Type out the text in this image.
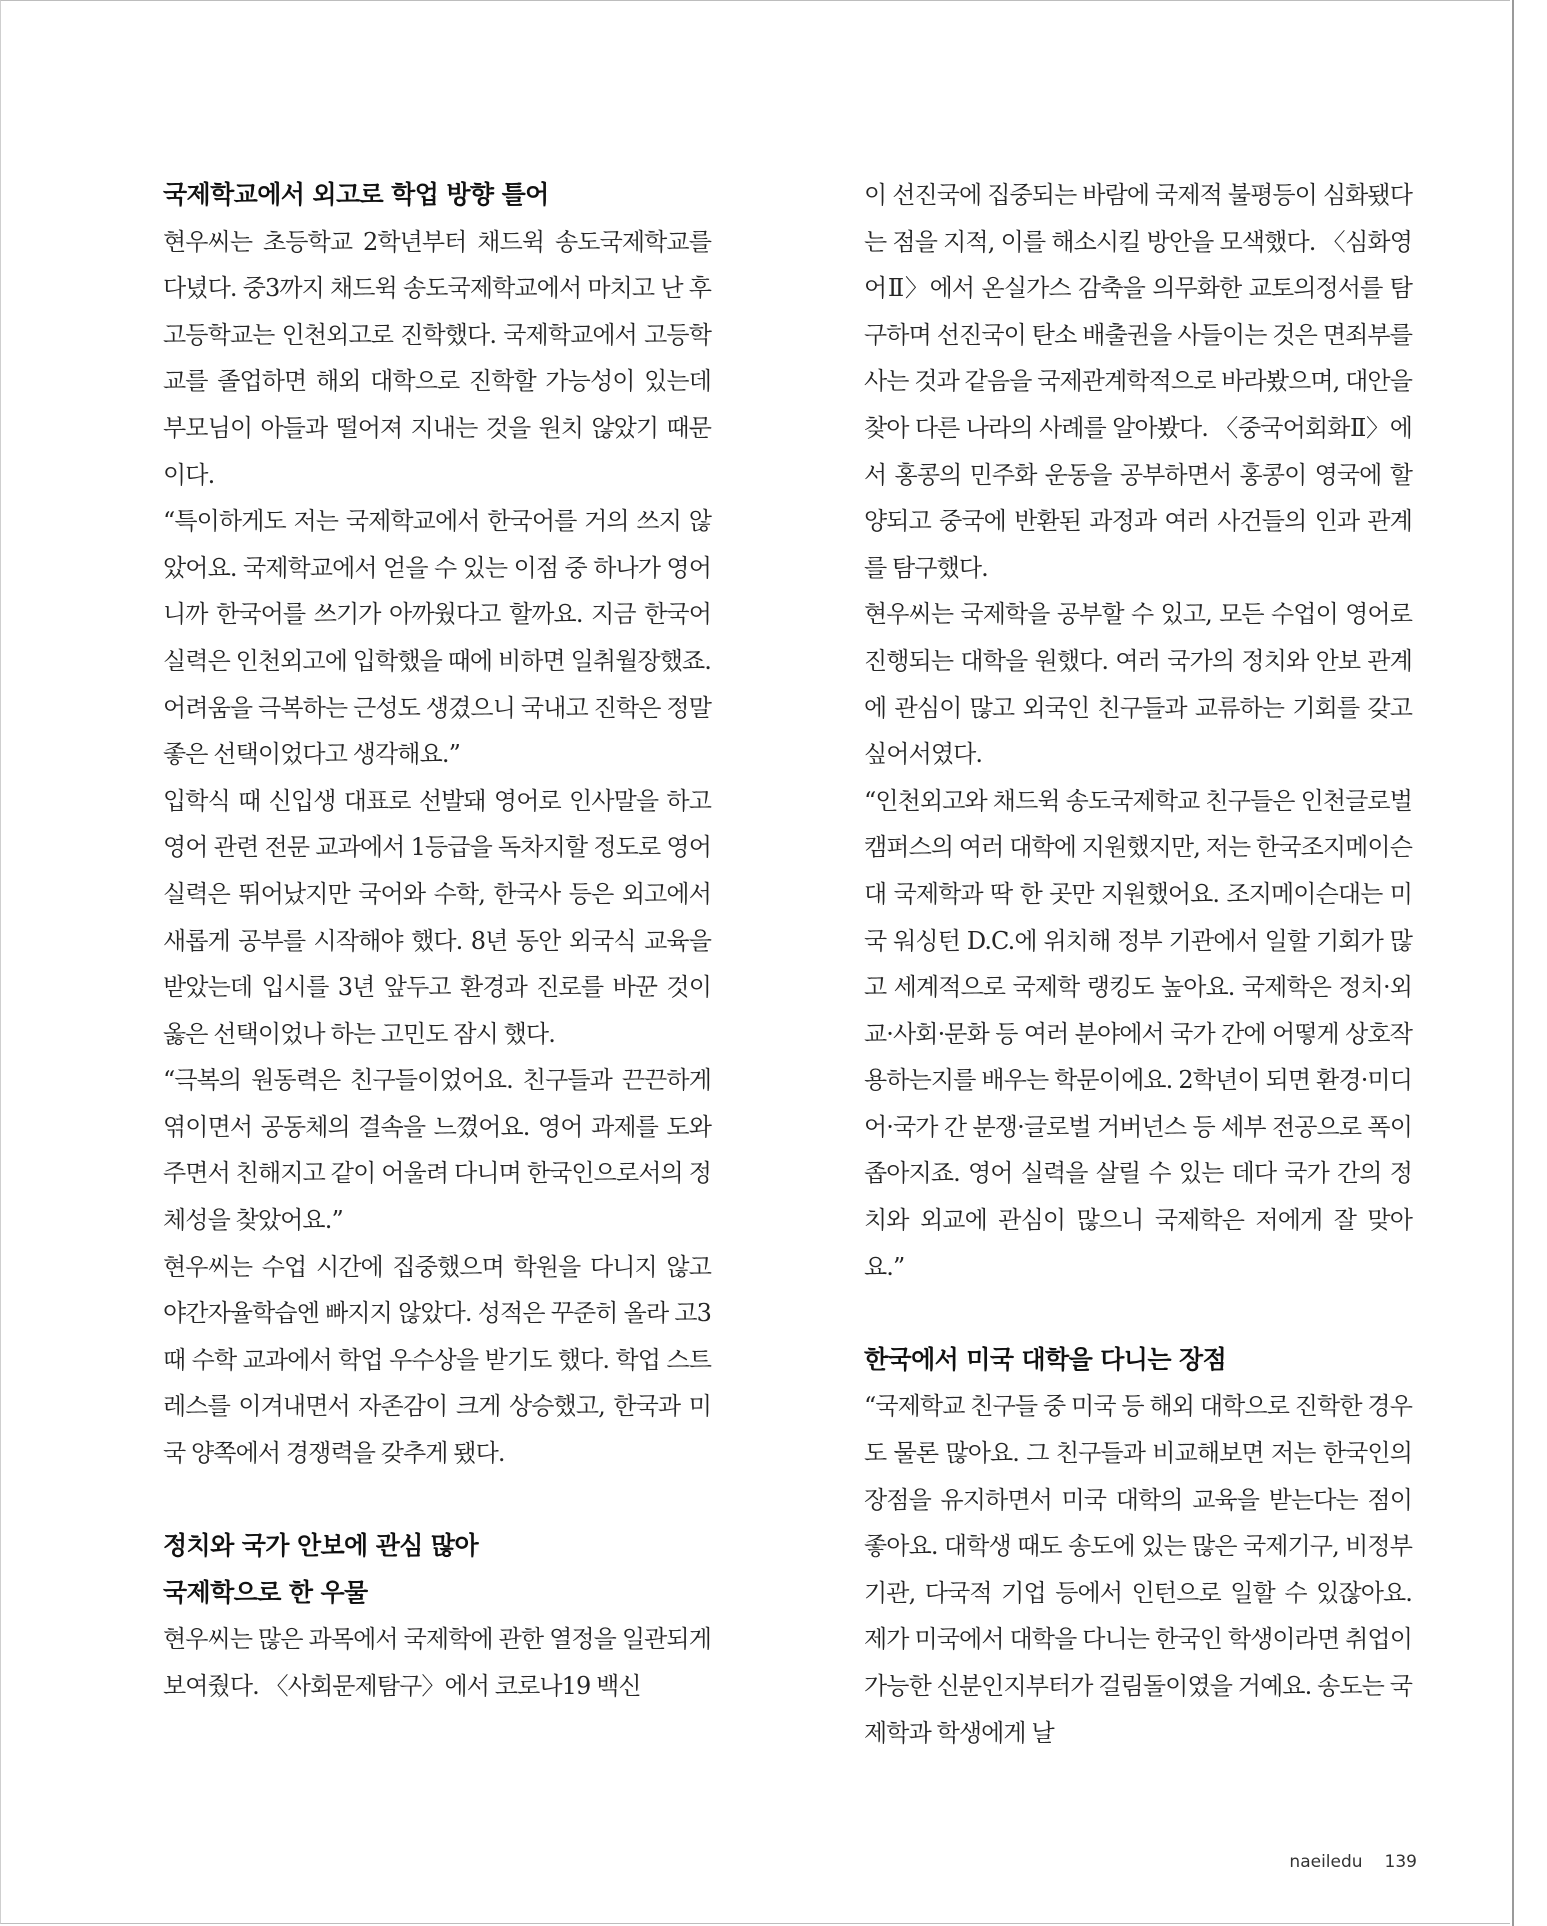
국제학교에서 외고로 학업 방향 틀어

현우씨는 초등학교 2학년부터 채드윅 송도국제학교를 다녔다. 중3까지 채드윅 송도국제학교에서 마치고 난 후 고등학교는 인천외고로 진학했다. 국제학교에서 고등학교를 졸업하면 해외 대학으로 진학할 가능성이 있는데 부모님이 아들과 떨어져 지내는 것을 원치 않았기 때문이다.

“특이하게도 저는 국제학교에서 한국어를 거의 쓰지 않았어요. 국제학교에서 얻을 수 있는 이점 중 하나가 영어니까 한국어를 쓰기가 아까웠다고 할까요. 지금 한국어 실력은 인천외고에 입학했을 때에 비하면 일취월장했죠. 어려움을 극복하는 근성도 생겼으니 국내고 진학은 정말 좋은 선택이었다고 생각해요.”

입학식 때 신입생 대표로 선발돼 영어로 인사말을 하고 영어 관련 전문 교과에서 1등급을 독차지할 정도로 영어 실력은 뛰어났지만 국어와 수학, 한국사 등은 외고에서 새롭게 공부를 시작해야 했다. 8년 동안 외국식 교육을 받았는데 입시를 3년 앞두고 환경과 진로를 바꾼 것이 옳은 선택이었나 하는 고민도 잠시 했다.

“극복의 원동력은 친구들이었어요. 친구들과 끈끈하게 엮이면서 공동체의 결속을 느꼈어요. 영어 과제를 도와주면서 친해지고 같이 어울려 다니며 한국인으로서의 정체성을 찾았어요.”

현우씨는 수업 시간에 집중했으며 학원을 다니지 않고 야간자율학습엔 빠지지 않았다. 성적은 꾸준히 올라 고3 때 수학 교과에서 학업 우수상을 받기도 했다. 학업 스트레스를 이겨내면서 자존감이 크게 상승했고, 한국과 미국 양쪽에서 경쟁력을 갖추게 됐다.

정치와 국가 안보에 관심 많아
국제학으로 한 우물

현우씨는 많은 과목에서 국제학에 관한 열정을 일관되게 보여줬다. 〈사회문제탐구〉에서 코로나19 백신

이 선진국에 집중되는 바람에 국제적 불평등이 심화됐다는 점을 지적, 이를 해소시킬 방안을 모색했다. 〈심화영어Ⅱ〉에서 온실가스 감축을 의무화한 교토의정서를 탐구하며 선진국이 탄소 배출권을 사들이는 것은 면죄부를 사는 것과 같음을 국제관계학적으로 바라봤으며, 대안을 찾아 다른 나라의 사례를 알아봤다. 〈중국어회화Ⅱ〉에서 홍콩의 민주화 운동을 공부하면서 홍콩이 영국에 할양되고 중국에 반환된 과정과 여러 사건들의 인과 관계를 탐구했다.

현우씨는 국제학을 공부할 수 있고, 모든 수업이 영어로 진행되는 대학을 원했다. 여러 국가의 정치와 안보 관계에 관심이 많고 외국인 친구들과 교류하는 기회를 갖고 싶어서였다.

“인천외고와 채드윅 송도국제학교 친구들은 인천글로벌캠퍼스의 여러 대학에 지원했지만, 저는 한국조지메이슨대 국제학과 딱 한 곳만 지원했어요. 조지메이슨대는 미국 워싱턴 D.C.에 위치해 정부 기관에서 일할 기회가 많고 세계적으로 국제학 랭킹도 높아요. 국제학은 정치·외교·사회·문화 등 여러 분야에서 국가 간에 어떻게 상호작용하는지를 배우는 학문이에요. 2학년이 되면 환경·미디어·국가 간 분쟁·글로벌 거버넌스 등 세부 전공으로 폭이 좁아지죠. 영어 실력을 살릴 수 있는 데다 국가 간의 정치와 외교에 관심이 많으니 국제학은 저에게 잘 맞아요.”

한국에서 미국 대학을 다니는 장점

“국제학교 친구들 중 미국 등 해외 대학으로 진학한 경우도 물론 많아요. 그 친구들과 비교해보면 저는 한국인의 장점을 유지하면서 미국 대학의 교육을 받는다는 점이 좋아요. 대학생 때도 송도에 있는 많은 국제기구, 비정부 기관, 다국적 기업 등에서 인턴으로 일할 수 있잖아요. 제가 미국에서 대학을 다니는 한국인 학생이라면 취업이 가능한 신분인지부터가 걸림돌이였을 거예요. 송도는 국제학과 학생에게 날

naeiledu 139
